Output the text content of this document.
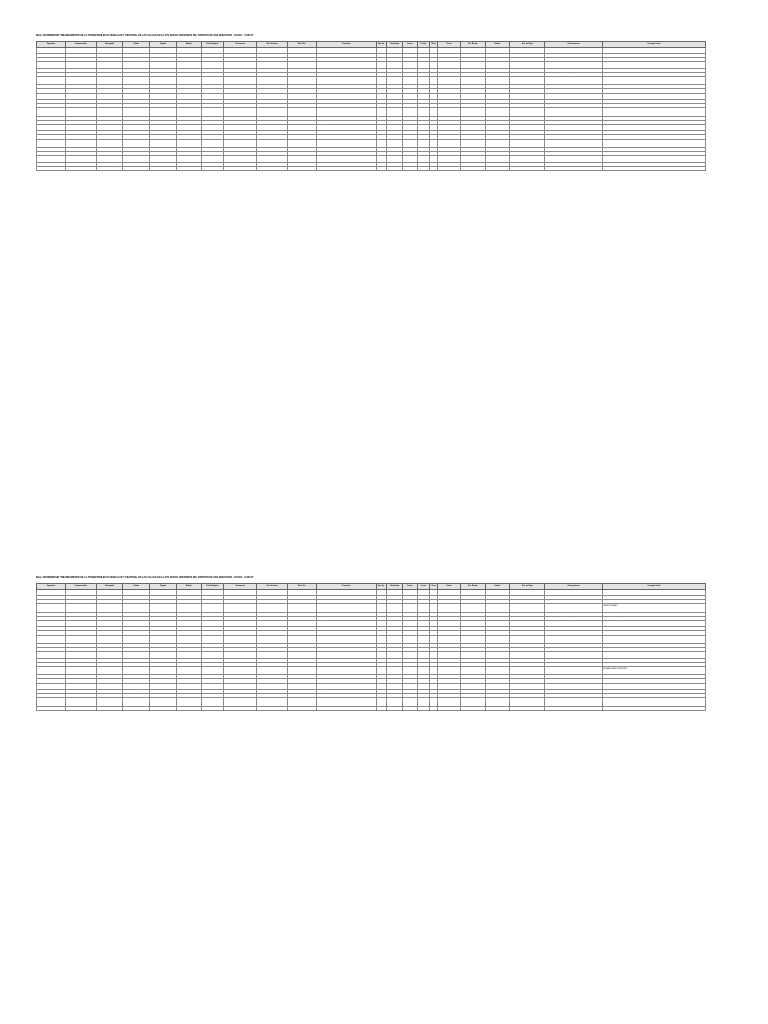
Meta: 2052088800185 "MEJORAMIENTO DE LA TRANSITABILIDAD VEHICULAR Y PEATONAL DE LAS CALLES EN LA APV NUEVO HORIZONTE DEL DISTRITO DE SAN SEBASTIAN - CUSCO - CUSCO"
Operación	Comprometido	Devengado	Girado	Pagado	Rebaja	Fecha Registro	Documento	Nro. Sustento	Ruc / Nro.	Proveedor	Tipo Op.	Clasificador	Fuente	Cuenta	Clase	Fecha	Nro. Recibo	Estado	Doc. de Pago	Observaciones	Concepto Gasto
2016-0042 CO1 01	1,312.50					15/04/2016	COMPROBANTE DE PAGO	ORDEN DE SERVICIO	20527143621	B DE C CONTRATISTAS GENERALES S.A.C.	0165	2.6.2.3.2.4	1.RO	02	4	15/04/2016	2016-0042	PAGADO	TRANSFERENCIA ELECTRONICA	SERVICIO DE ALQUILER DE MAQUINARIA	ALQUILER DE VOLQUETE DE 15 M3 PARA ELIMINACION DE MATERIAL EXCEDENTE EN LA OBRA DEL PROYECTO
2016-0044 CO1 01		2,850.00				15/04/2016	ORDEN DE COMPRA	SC-00122	10239876541	MAMANI QUISPE JUAN CARLOS	0165	2.6.2.3.2.4	1.RO	02	4	15/04/2016	2016-0044	PAGADO	TRANSFERENCIA ELECTRONICA	ADQUISICION DE AGREGADOS	ADQUISICION DE AGREGADOS
2016-0045 CO1 01			1,760.00			18/04/2016	FACTURA	001-004512	20490177123	CORPORACION EL ANDINO E.I.R.L.	0165	2.6.2.3.2.4	1.RO	02	4	18/04/2016	2016-0045	PAGADO	TRANSFERENCIA ELECTRONICA	ADQUISICION DE CEMENTO	ADQUISICION DE CEMENTO PORTLAND TIPO IP X 42.5 KG
2016-0047 CO1 01				3,450.00		19/04/2016	COMPROBANTE DE PAGO	ORDEN DE SERVICIO	20601233410	INVERSIONES SAN MARTIN S.R.L.	0165	2.6.2.3.2.4	1.RO	02	4	19/04/2016	2016-0047	PAGADO	TRANSFERENCIA ELECTRONICA	SERVICIO DE ALQUILER	ALQUILER DE RETROEXCAVADORA SOBRE LLANTAS PARA TRABAJOS DE CORTE Y RELLENO EN LA OBRA
2016-0051 CO1 01	984.00					20/04/2016	PLANILLA	PL-0004		PERSONAL OBRERO	0165	2.6.2.3.2.4	1.RO	02	4	20/04/2016	2016-0051	PAGADO	CHEQUE	PLANILLA DE JORNALES	PAGO DE PLANILLA DE OBREROS
2016-0052 CO1 01		640.00				21/04/2016	RECIBO POR HONORARIOS	E001-112	10445871236	CONDORI HUAMAN ROSA	0165	2.6.2.3.2.4	1.RO	02	4	21/04/2016	2016-0052	PAGADO	TRANSFERENCIA ELECTRONICA	SERVICIO DE ASISTENTE	SERVICIO DE ASISTENTE ADMINISTRATIVO
2016-0053 CO1 01			2,210.40			22/04/2016	COMPROBANTE DE PAGO	ORDEN DE SERVICIO	20527143621	B DE C CONTRATISTAS GENERALES S.A.C.	0165	2.6.2.3.2.4	1.RO	02	4	22/04/2016	2016-0053	PAGADO	TRANSFERENCIA ELECTRONICA	SERVICIO DE ALQUILER DE MAQUINARIA	ALQUILER DE RODILLO LISO VIBRATORIO AUTOPROPULSADO PARA COMPACTACION DE SUB BASE Y BASE GRANULAR
2016-0055 CO1 01	512.00					25/04/2016	FACTURA	002-000871	20564218811	FERRETERIA SAN SEBASTIAN S.A.C.	0165	2.6.2.3.2.4	1.RO	02	4	25/04/2016	2016-0055	PAGADO	TRANSFERENCIA ELECTRONICA	ADQUISICION DE HERRAMIENTAS	ADQUISICION DE HERRAMIENTAS MANUALES
2016-0057 CO1 01		1,128.00				26/04/2016	FACTURA	001-002239	20490177123	CORPORACION EL ANDINO E.I.R.L.	0165	2.6.2.3.2.4	1.RO	02	4	26/04/2016	2016-0057	PAGADO	TRANSFERENCIA ELECTRONICA	ADQUISICION DE FIERRO	ADQUISICION DE FIERRO CORRUGADO
2016-0058 CO1 01				4,020.00		27/04/2016	COMPROBANTE DE PAGO	ORDEN DE SERVICIO	20601233410	INVERSIONES SAN MARTIN S.R.L.	0165	2.6.2.3.2.4	1.RO	02	4	27/04/2016	2016-0058	PAGADO	TRANSFERENCIA ELECTRONICA	SERVICIO DE TRANSPORTE	SERVICIO DE TRANSPORTE DE MATERIAL GRANULAR DESDE CANTERA HASTA LA OBRA
2016-0061 CO1 01	736.20					28/04/2016	PLANILLA	PL-0005		PERSONAL OBRERO	0165	2.6.2.3.2.4	1.RO	02	4	28/04/2016	2016-0061	PAGADO	CHEQUE	PLANILLA DE JORNALES	PAGO DE PLANILLA DE OBREROS
2016-0062 CO1 01			1,290.00			29/04/2016	FACTURA	001-004618	20490177123	CORPORACION EL ANDINO E.I.R.L.	0165	2.6.2.3.2.4	1.RO	02	4	29/04/2016	2016-0062	PAGADO	TRANSFERENCIA ELECTRONICA	ADQUISICION DE CEMENTO	ADQUISICION DE CEMENTO PORTLAND TIPO IP X 42.5 KG
2016-0064 CO1 01		2,980.00				02/05/2016	COMPROBANTE DE PAGO	ORDEN DE SERVICIO	20527143621	B DE C CONTRATISTAS GENERALES S.A.C.	0165	2.6.2.3.2.4	1.RO	02	4	02/05/2016	2016-0064	PAGADO	TRANSFERENCIA ELECTRONICA	SERVICIO DE ALQUILER DE MAQUINARIA	ALQUILER DE MOTONIVELADORA DE 125 HP PARA PERFILADO Y NIVELACION DE SUB RASANTE EN LAS CALLES DE LA APV
2016-0066 CO1 01				860.00		03/05/2016	RECIBO POR HONORARIOS	E001-118	10445871236	CONDORI HUAMAN ROSA	0165	2.6.2.3.2.4	1.RO	02	4	03/05/2016	2016-0066	PAGADO	TRANSFERENCIA ELECTRONICA	SERVICIO DE ASISTENTE	SERVICIO DE ASISTENTE ADMINISTRATIVO
2016-0067 CO1 01	1,540.00					04/05/2016	ORDEN DE COMPRA	SC-00131	10239876541	MAMANI QUISPE JUAN CARLOS	0165	2.6.2.3.2.4	1.RO	02	4	04/05/2016	2016-0067	PAGADO	TRANSFERENCIA ELECTRONICA	ADQUISICION DE AGREGADOS	ADQUISICION DE HORMIGON
2016-0069 CO1 01		1,875.00				05/05/2016	COMPROBANTE DE PAGO	ORDEN DE SERVICIO	20601233410	INVERSIONES SAN MARTIN S.R.L.	0165	2.6.2.3.2.4	1.RO	02	4	05/05/2016	2016-0069	PAGADO	TRANSFERENCIA ELECTRONICA	SERVICIO DE ALQUILER	ALQUILER DE MEZCLADORA DE CONCRETO DE 9 P3 PARA VACIADO DE VEREDAS
2016-0071 CO1 01			642.80			06/05/2016	FACTURA	002-000904	20564218811	FERRETERIA SAN SEBASTIAN S.A.C.	0165	2.6.2.3.2.4	1.RO	02	4	06/05/2016	2016-0071	PAGADO	TRANSFERENCIA ELECTRONICA	ADQUISICION DE MATERIALES	ADQUISICION DE CLAVOS Y ALAMBRE
2016-0072 CO1 01				1,104.00		09/05/2016	PLANILLA	PL-0006		PERSONAL OBRERO	0165	2.6.2.3.2.4	1.RO	02	4	09/05/2016	2016-0072	PAGADO	CHEQUE	PLANILLA DE JORNALES	PAGO DE PLANILLA DE OBREROS
2016-0074 CO1 01	3,120.00					10/05/2016	COMPROBANTE DE PAGO	ORDEN DE SERVICIO	20527143621	B DE C CONTRATISTAS GENERALES S.A.C.	0165	2.6.2.3.2.4	1.RO	02	4	10/05/2016	2016-0074	PAGADO	TRANSFERENCIA ELECTRONICA	SERVICIO DE ALQUILER DE MAQUINARIA	ALQUILER DE CARGADOR FRONTAL SOBRE LLANTAS DE 125 HP PARA CARGUIO DE MATERIAL EXCEDENTE Y AGREGADOS
2016-0076 CO1 01		958.40				11/05/2016	FACTURA	001-004702	20490177123	CORPORACION EL ANDINO E.I.R.L.	0165	2.6.2.3.2.4	1.RO	02	4	11/05/2016	2016-0076	PAGADO	TRANSFERENCIA ELECTRONICA	ADQUISICION DE CEMENTO	ADQUISICION DE CEMENTO PORTLAND TIPO IP X 42.5 KG
2016-0077 CO1 01			2,405.00			12/05/2016	ORDEN DE COMPRA	SC-00137	10239876541	MAMANI QUISPE JUAN CARLOS	0165	2.6.2.3.2.4	1.RO	02	4	12/05/2016	2016-0077	PAGADO	TRANSFERENCIA ELECTRONICA	ADQUISICION DE AGREGADOS	ADQUISICION DE PIEDRA CHANCADA DE 1/2"
2016-0079 CO1 01				2,760.00		13/05/2016	COMPROBANTE DE PAGO	ORDEN DE SERVICIO	20601233410	INVERSIONES SAN MARTIN S.R.L.	0165	2.6.2.3.2.4	1.RO	02	4	13/05/2016	2016-0079	PAGADO	TRANSFERENCIA ELECTRONICA	SERVICIO DE TRANSPORTE	SERVICIO DE TRANSPORTE DE AGREGADOS Y ELIMINACION DE MATERIAL EXCEDENTE
2016-0081 CO1 01	700.00					16/05/2016	RECIBO POR HONORARIOS	E001-124	10445871236	CONDORI HUAMAN ROSA	0165	2.6.2.3.2.4	1.RO	02	4	16/05/2016	2016-0081	PAGADO	TRANSFERENCIA ELECTRONICA	SERVICIO DE ASISTENTE	SERVICIO DE ASISTENTE ADMINISTRATIVO
2016-0083 CO1 01		1,316.50				17/05/2016	PLANILLA	PL-0007		PERSONAL OBRERO	0165	2.6.2.3.2.4	1.RO	02	4	17/05/2016	2016-0083	PAGADO	CHEQUE	PLANILLA DE JORNALES	PAGO DE PLANILLA DE OBREROS
Meta: 2052088800185 "MEJORAMIENTO DE LA TRANSITABILIDAD VEHICULAR Y PEATONAL DE LAS CALLES EN LA APV NUEVO HORIZONTE DEL DISTRITO DE SAN SEBASTIAN - CUSCO - CUSCO"
Operación	Comprometido	Devengado	Girado	Pagado	Rebaja	Fecha Registro	Documento	Nro. Sustento	Ruc / Nro.	Proveedor	Tipo Op.	Clasificador	Fuente	Cuenta	Clase	Fecha	Nro. Recibo	Estado	Doc. de Pago	Observaciones	Concepto Gasto
2016-0084 CO1 01			1,880.00			18/05/2016	COMPROBANTE DE PAGO	ORDEN DE SERVICIO	20527143621	B DE C CONTRATISTAS GENERALES S.A.C.	0165	2.6.2.3.2.4	1.RO	02	4	18/05/2016	2016-0084	PAGADO	TRANSFERENCIA ELECTRONICA	SERVICIO DE ALQUILER DE MAQUINARIA	ALQUILER DE PLANCHA COMPACTADORA PARA COMPACTACION DE VEREDAS Y SARDINELES
2016-0086 CO1 01				590.00		19/05/2016	FACTURA	002-000951	20564218811	FERRETERIA SAN SEBASTIAN S.A.C.	0165	2.6.2.3.2.4	1.RO	02	4	19/05/2016	2016-0086	PAGADO	TRANSFERENCIA ELECTRONICA	ADQUISICION DE HERRAMIENTAS	ADQUISICION DE CARRETILLAS Y PALAS
2016-0087 CO1 01	2,640.00					20/05/2016	FACTURA	001-004788	20490177123	CORPORACION EL ANDINO E.I.R.L.	0165	2.6.2.3.2.4	1.RO	02	4	20/05/2016	2016-0087	PAGADO	TRANSFERENCIA ELECTRONICA	ADQUISICION DE CEMENTO	ADQUISICION DE CEMENTO PORTLAND TIPO IP X 42.5 KG
2016-0089 CO1 01		3,360.00				23/05/2016	COMPROBANTE DE PAGO	ORDEN DE SERVICIO	20601233410	INVERSIONES SAN MARTIN S.R.L.	0165	2.6.2.3.2.4	1.RO	02	4	23/05/2016	2016-0089	PAGADO	TRANSFERENCIA ELECTRONICA	SERVICIO DE ALQUILER	ALQUILER DE RETROEXCAVADORA SOBRE LLANTAS PARA EXCAVACION DE ZANJAS Y CONFORMACION DE TERRAPLEN EN LAS CALLES DE LA APV
2016-0091 CO1 01			918.00			24/05/2016	PLANILLA	PL-0008		PERSONAL OBRERO	0165	2.6.2.3.2.4	1.RO	02	4	24/05/2016	2016-0091	PAGADO	CHEQUE	PLANILLA DE JORNALES	PAGO DE PLANILLA DE OBREROS
2016-0092 CO1 01				1,470.00		25/05/2016	ORDEN DE COMPRA	SC-00142	10239876541	MAMANI QUISPE JUAN CARLOS	0165	2.6.2.3.2.4	1.RO	02	4	25/05/2016	2016-0092	PAGADO	TRANSFERENCIA ELECTRONICA	ADQUISICION DE AGREGADOS	ADQUISICION DE ARENA GRUESA
2016-0094 CO1 01	2,115.00					26/05/2016	COMPROBANTE DE PAGO	ORDEN DE SERVICIO	20527143621	B DE C CONTRATISTAS GENERALES S.A.C.	0165	2.6.2.3.2.4	1.RO	02	4	26/05/2016	2016-0094	PAGADO	TRANSFERENCIA ELECTRONICA	SERVICIO DE ALQUILER DE MAQUINARIA	ALQUILER DE VOLQUETE DE 15 M3 PARA TRANSPORTE DE MATERIAL DE AFIRMADO A LA OBRA
2016-0096 CO1 01		780.00				27/05/2016	RECIBO POR HONORARIOS	E001-131	10445871236	CONDORI HUAMAN ROSA	0165	2.6.2.3.2.4	1.RO	02	4	27/05/2016	2016-0096	PAGADO	TRANSFERENCIA ELECTRONICA	SERVICIO DE ASISTENTE	SERVICIO DE ASISTENTE ADMINISTRATIVO
2016-0097 CO1 01			1,036.60			30/05/2016	FACTURA	001-004835	20490177123	CORPORACION EL ANDINO E.I.R.L.	0165	2.6.2.3.2.4	1.RO	02	4	30/05/2016	2016-0097	PAGADO	TRANSFERENCIA ELECTRONICA	ADQUISICION DE FIERRO	ADQUISICION DE FIERRO CORRUGADO
2016-0099 CO1 01				2,496.00		31/05/2016	COMPROBANTE DE PAGO	ORDEN DE SERVICIO	20601233410	INVERSIONES SAN MARTIN S.R.L.	0165	2.6.2.3.2.4	1.RO	02	4	31/05/2016	2016-0099	PAGADO	TRANSFERENCIA ELECTRONICA	SERVICIO DE TRANSPORTE	SERVICIO DE TRANSPORTE DE MATERIAL GRANULAR PARA BASE Y SUB BASE DESDE CANTERA HUACOTO HASTA LA OBRA
2016-0101 CO1 01	1,208.00					01/06/2016	PLANILLA	PL-0009		PERSONAL OBRERO	0165	2.6.2.3.2.4	1.RO	02	4	01/06/2016	2016-0101	PAGADO	CHEQUE	PLANILLA DE JORNALES	PAGO DE PLANILLA DE OBREROS
2016-0102 CO1 01		664.00				02/06/2016	FACTURA	002-000996	20564218811	FERRETERIA SAN SEBASTIAN S.A.C.	0165	2.6.2.3.2.4	1.RO	02	4	02/06/2016	2016-0102	PAGADO	TRANSFERENCIA ELECTRONICA	ADQUISICION DE MATERIALES	ADQUISICION DE MADERA PARA ENCOFRADO
2016-0104 CO1 01			2,730.00			03/06/2016	COMPROBANTE DE PAGO	ORDEN DE SERVICIO	20527143621	B DE C CONTRATISTAS GENERALES S.A.C.	0165	2.6.2.3.2.4	1.RO	02	4	03/06/2016	2016-0104	PAGADO	TRANSFERENCIA ELECTRONICA	SERVICIO DE ALQUILER DE MAQUINARIA	ALQUILER DE RODILLO LISO VIBRATORIO PARA COMPACTACION DE BASE GRANULAR
2016-0106 CO1 01				1,650.00		06/06/2016	ORDEN DE COMPRA	SC-00149	10239876541	MAMANI QUISPE JUAN CARLOS	0165	2.6.2.3.2.4	1.RO	02	4	06/06/2016	2016-0106	PAGADO	TRANSFERENCIA ELECTRONICA	ADQUISICION DE AGREGADOS	ADQUISICION DE AFIRMADO
2016-0107 CO1 01	2,088.00					07/06/2016	FACTURA	001-004901	20490177123	CORPORACION EL ANDINO E.I.R.L.	0165	2.6.2.3.2.4	1.RO	02	4	07/06/2016	2016-0107	PAGADO	TRANSFERENCIA ELECTRONICA	ADQUISICION DE CEMENTO	ADQUISICION DE CEMENTO PORTLAND TIPO IP X 42.5 KG
2016-0109 CO1 01		3,015.00				08/06/2016	COMPROBANTE DE PAGO	ORDEN DE SERVICIO	20601233410	INVERSIONES SAN MARTIN S.R.L.	0165	2.6.2.3.2.4	1.RO	02	4	08/06/2016	2016-0109	PAGADO	TRANSFERENCIA ELECTRONICA	SERVICIO DE ALQUILER	ALQUILER DE CARGADOR FRONTAL Y VOLQUETES PARA ELIMINACION DE MATERIAL EXCEDENTE PRODUCTO DE EXCAVACIONES EN LA APV NUEVO HORIZONTE
2016-0111 CO1 01			840.00			09/06/2016	RECIBO POR HONORARIOS	E001-137	10445871236	CONDORI HUAMAN ROSA	0165	2.6.2.3.2.4	1.RO	02	4	09/06/2016	2016-0111	PAGADO	TRANSFERENCIA ELECTRONICA	SERVICIO DE ASISTENTE	SERVICIO DE ASISTENTE ADMINISTRATIVO
2016-0112 CO1 01				1,182.00		10/06/2016	PLANILLA	PL-0010		PERSONAL OBRERO	0165	2.6.2.3.2.4	1.RO	02	4	10/06/2016	2016-0112	PAGADO	CHEQUE	PLANILLA DE JORNALES	PAGO DE PLANILLA DE OBREROS
2016-0114 CO1 01	1,945.00					13/06/2016	COMPROBANTE DE PAGO	ORDEN DE SERVICIO	20527143621	B DE C CONTRATISTAS GENERALES S.A.C.	0165	2.6.2.3.2.4	1.RO	02	4	13/06/2016	2016-0114	PAGADO	TRANSFERENCIA ELECTRONICA	SERVICIO DE ALQUILER DE MAQUINARIA	ALQUILER DE MOTONIVELADORA PARA PERFILADO DE BASE GRANULAR
2016-0116 CO1 01		548.00				14/06/2016	FACTURA	002-001033	20564218811	FERRETERIA SAN SEBASTIAN S.A.C.	0165	2.6.2.3.2.4	1.RO	02	4	14/06/2016	2016-0116	PAGADO	TRANSFERENCIA ELECTRONICA	ADQUISICION DE MATERIALES	ADQUISICION DE YESO Y PINTURA DE TRAFICO
2016-0117 CO1 01			1,392.00			15/06/2016	ORDEN DE COMPRA	SC-00156	10239876541	MAMANI QUISPE JUAN CARLOS	0165	2.6.2.3.2.4	1.RO	02	4	15/06/2016	2016-0117	PAGADO	TRANSFERENCIA ELECTRONICA	ADQUISICION DE AGREGADOS	ADQUISICION DE PIEDRA CHANCADA DE 3/4"
2016-0119 CO1 01				2,870.00		16/06/2016	COMPROBANTE DE PAGO	ORDEN DE SERVICIO	20601233410	INVERSIONES SAN MARTIN S.R.L.	0165	2.6.2.3.2.4	1.RO	02	4	16/06/2016	2016-0119	PAGADO	TRANSFERENCIA ELECTRONICA	SERVICIO DE TRANSPORTE	SERVICIO DE TRANSPORTE DE CEMENTO, FIERRO Y AGREGADOS DESDE LA CIUDAD DEL CUSCO HASTA EL ALMACEN DE OBRA
2016-0121 CO1 01	1,054.00					17/06/2016	PLANILLA	PL-0011		PERSONAL OBRERO	0165	2.6.2.3.2.4	1.RO	02	4	17/06/2016	2016-0121	PAGADO	CHEQUE	PLANILLA DE JORNALES	PAGO DE PLANILLA DE OBREROS
